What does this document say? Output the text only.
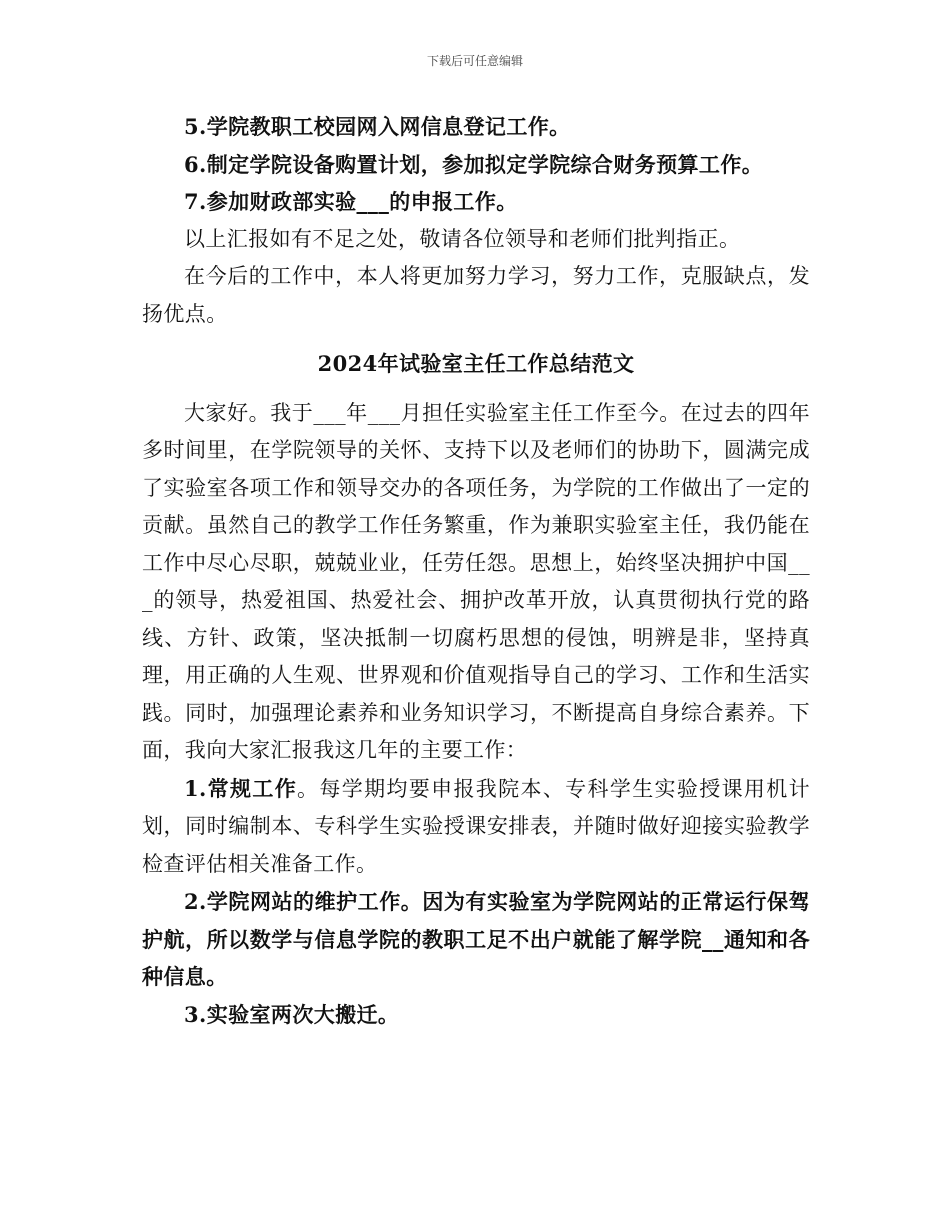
下载后可任意编辑

5.学院教职工校园网入网信息登记工作。

6.制定学院设备购置计划，参加拟定学院综合财务预算工作。

7.参加财政部实验___的申报工作。

以上汇报如有不足之处，敬请各位领导和老师们批判指正。

在今后的工作中，本人将更加努力学习，努力工作，克服缺点，发扬优点。

2024年试验室主任工作总结范文

大家好。我于___年___月担任实验室主任工作至今。在过去的四年多时间里，在学院领导的关怀、支持下以及老师们的协助下，圆满完成了实验室各项工作和领导交办的各项任务，为学院的工作做出了一定的贡献。虽然自己的教学工作任务繁重，作为兼职实验室主任，我仍能在工作中尽心尽职，兢兢业业，任劳任怨。思想上，始终坚决拥护中国___的领导，热爱祖国、热爱社会、拥护改革开放，认真贯彻执行党的路线、方针、政策，坚决抵制一切腐朽思想的侵蚀，明辨是非，坚持真理，用正确的人生观、世界观和价值观指导自己的学习、工作和生活实践。同时，加强理论素养和业务知识学习，不断提高自身综合素养。下面，我向大家汇报我这几年的主要工作：

1.常规工作。每学期均要申报我院本、专科学生实验授课用机计划，同时编制本、专科学生实验授课安排表，并随时做好迎接实验教学检查评估相关准备工作。

2.学院网站的维护工作。因为有实验室为学院网站的正常运行保驾护航，所以数学与信息学院的教职工足不出户就能了解学院__通知和各种信息。

3.实验室两次大搬迁。
